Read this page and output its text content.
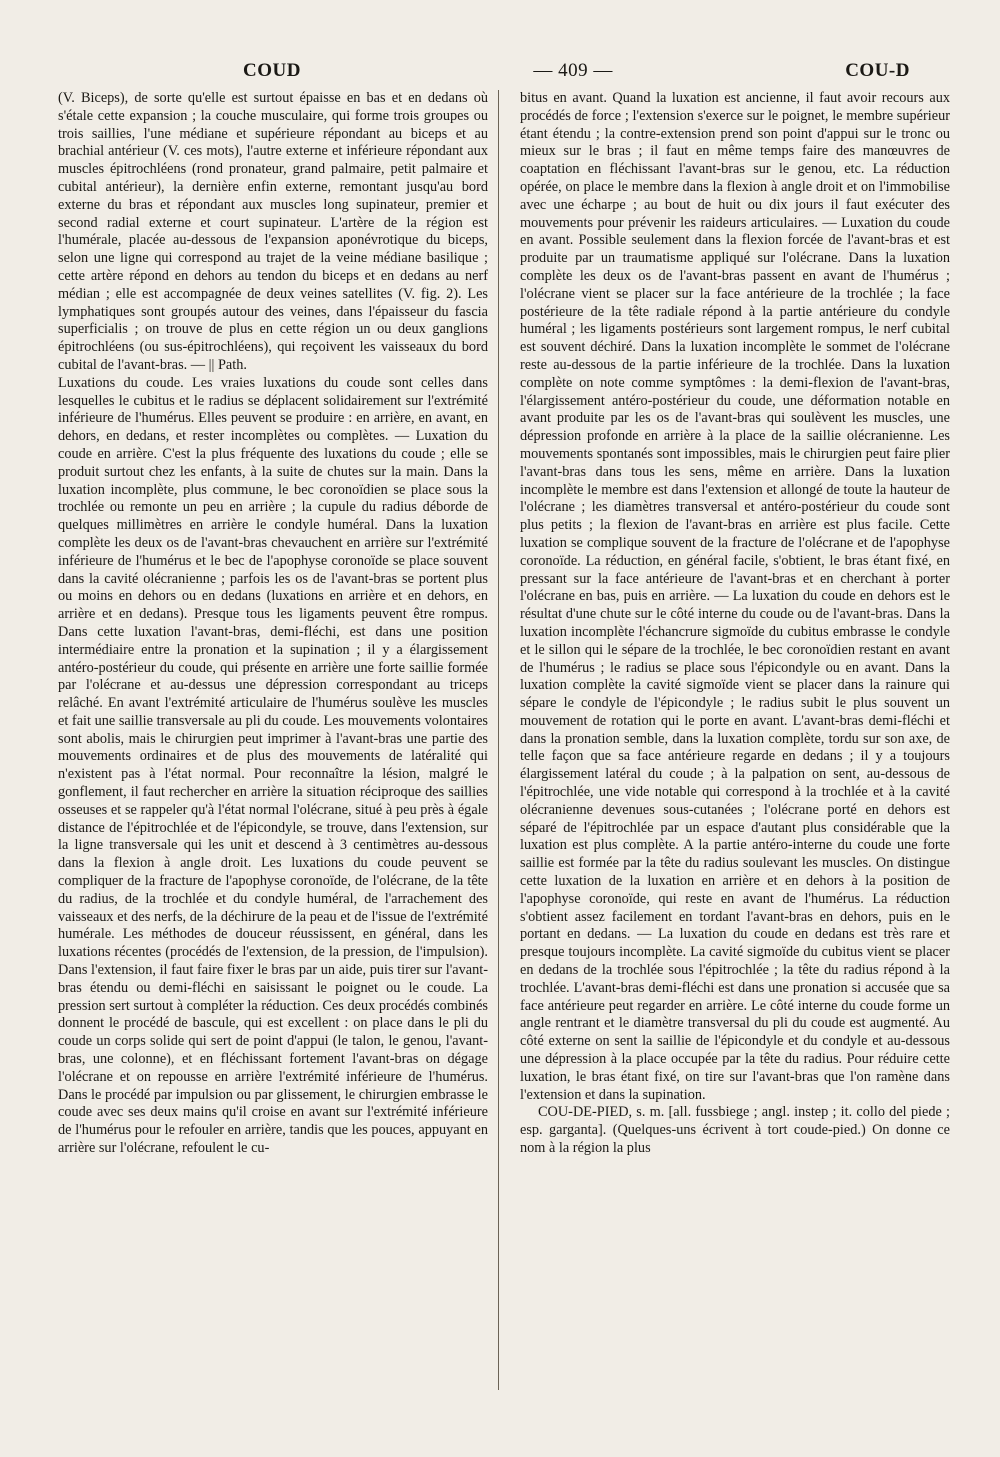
COUD	— 409 —	COU-D

(V. Biceps), de sorte qu'elle est surtout épaisse en bas et en dedans où s'étale cette expansion ; la couche musculaire, qui forme trois groupes ou trois saillies, l'une médiane et supérieure répondant au biceps et au brachial antérieur (V. ces mots), l'autre externe et inférieure répondant aux muscles épitrochléens (rond pronateur, grand palmaire, petit palmaire et cubital antérieur), la dernière enfin externe, remontant jusqu'au bord externe du bras et répondant aux muscles long supinateur, premier et second radial externe et court supinateur. L'artère de la région est l'humérale, placée au-dessous de l'expansion aponévrotique du biceps, selon une ligne qui correspond au trajet de la veine médiane basilique ; cette artère répond en dehors au tendon du biceps et en dedans au nerf médian ; elle est accompagnée de deux veines satellites (V. fig. 2). Les lymphatiques sont groupés autour des veines, dans l'épaisseur du fascia superficialis ; on trouve de plus en cette région un ou deux ganglions épitrochléens (ou sus-épitrochléens), qui reçoivent les vaisseaux du bord cubital de l'avant-bras. — || Path.

Luxations du coude. Les vraies luxations du coude sont celles dans lesquelles le cubitus et le radius se déplacent solidairement sur l'extrémité inférieure de l'humérus. Elles peuvent se produire : en arrière, en avant, en dehors, en dedans, et rester incomplètes ou complètes. — Luxation du coude en arrière. C'est la plus fréquente des luxations du coude ; elle se produit surtout chez les enfants, à la suite de chutes sur la main. Dans la luxation incomplète, plus commune, le bec coronoïdien se place sous la trochlée ou remonte un peu en arrière ; la cupule du radius déborde de quelques millimètres en arrière le condyle huméral. Dans la luxation complète les deux os de l'avant-bras chevauchent en arrière sur l'extrémité inférieure de l'humérus et le bec de l'apophyse coronoïde se place souvent dans la cavité olécranienne ; parfois les os de l'avant-bras se portent plus ou moins en dehors ou en dedans (luxations en arrière et en dehors, en arrière et en dedans). Presque tous les ligaments peuvent être rompus. Dans cette luxation l'avant-bras, demi-fléchi, est dans une position intermédiaire entre la pronation et la supination ; il y a élargissement antéro-postérieur du coude, qui présente en arrière une forte saillie formée par l'olécrane et au-dessus une dépression correspondant au triceps relâché. En avant l'extrémité articulaire de l'humérus soulève les muscles et fait une saillie transversale au pli du coude. Les mouvements volontaires sont abolis, mais le chirurgien peut imprimer à l'avant-bras une partie des mouvements ordinaires et de plus des mouvements de latéralité qui n'existent pas à l'état normal. Pour reconnaître la lésion, malgré le gonflement, il faut rechercher en arrière la situation réciproque des saillies osseuses et se rappeler qu'à l'état normal l'olécrane, situé à peu près à égale distance de l'épitrochlée et de l'épicondyle, se trouve, dans l'extension, sur la ligne transversale qui les unit et descend à 3 centimètres au-dessous dans la flexion à angle droit. Les luxations du coude peuvent se compliquer de la fracture de l'apophyse coronoïde, de l'olécrane, de la tête du radius, de la trochlée et du condyle huméral, de l'arrachement des vaisseaux et des nerfs, de la déchirure de la peau et de l'issue de l'extrémité humérale. Les méthodes de douceur réussissent, en général, dans les luxations récentes (procédés de l'extension, de la pression, de l'impulsion). Dans l'extension, il faut faire fixer le bras par un aide, puis tirer sur l'avant-bras étendu ou demi-fléchi en saisissant le poignet ou le coude. La pression sert surtout à compléter la réduction. Ces deux procédés combinés donnent le procédé de bascule, qui est excellent : on place dans le pli du coude un corps solide qui sert de point d'appui (le talon, le genou, l'avant-bras, une colonne), et en fléchissant fortement l'avant-bras on dégage l'olécrane et on repousse en arrière l'extrémité inférieure de l'humérus. Dans le procédé par impulsion ou par glissement, le chirurgien embrasse le coude avec ses deux mains qu'il croise en avant sur l'extrémité inférieure de l'humérus pour le refouler en arrière, tandis que les pouces, appuyant en arrière sur l'olécrane, refoulent le cu-

bitus en avant. Quand la luxation est ancienne, il faut avoir recours aux procédés de force ; l'extension s'exerce sur le poignet, le membre supérieur étant étendu ; la contre-extension prend son point d'appui sur le tronc ou mieux sur le bras ; il faut en même temps faire des manœuvres de coaptation en fléchissant l'avant-bras sur le genou, etc. La réduction opérée, on place le membre dans la flexion à angle droit et on l'immobilise avec une écharpe ; au bout de huit ou dix jours il faut exécuter des mouvements pour prévenir les raideurs articulaires. — Luxation du coude en avant. Possible seulement dans la flexion forcée de l'avant-bras et est produite par un traumatisme appliqué sur l'olécrane. Dans la luxation complète les deux os de l'avant-bras passent en avant de l'humérus ; l'olécrane vient se placer sur la face antérieure de la trochlée ; la face postérieure de la tête radiale répond à la partie antérieure du condyle huméral ; les ligaments postérieurs sont largement rompus, le nerf cubital est souvent déchiré. Dans la luxation incomplète le sommet de l'olécrane reste au-dessous de la partie inférieure de la trochlée. Dans la luxation complète on note comme symptômes : la demi-flexion de l'avant-bras, l'élargissement antéro-postérieur du coude, une déformation notable en avant produite par les os de l'avant-bras qui soulèvent les muscles, une dépression profonde en arrière à la place de la saillie olécranienne. Les mouvements spontanés sont impossibles, mais le chirurgien peut faire plier l'avant-bras dans tous les sens, même en arrière. Dans la luxation incomplète le membre est dans l'extension et allongé de toute la hauteur de l'olécrane ; les diamètres transversal et antéro-postérieur du coude sont plus petits ; la flexion de l'avant-bras en arrière est plus facile. Cette luxation se complique souvent de la fracture de l'olécrane et de l'apophyse coronoïde. La réduction, en général facile, s'obtient, le bras étant fixé, en pressant sur la face antérieure de l'avant-bras et en cherchant à porter l'olécrane en bas, puis en arrière. — La luxation du coude en dehors est le résultat d'une chute sur le côté interne du coude ou de l'avant-bras. Dans la luxation incomplète l'échancrure sigmoïde du cubitus embrasse le condyle et le sillon qui le sépare de la trochlée, le bec coronoïdien restant en avant de l'humérus ; le radius se place sous l'épicondyle ou en avant. Dans la luxation complète la cavité sigmoïde vient se placer dans la rainure qui sépare le condyle de l'épicondyle ; le radius subit le plus souvent un mouvement de rotation qui le porte en avant. L'avant-bras demi-fléchi et dans la pronation semble, dans la luxation complète, tordu sur son axe, de telle façon que sa face antérieure regarde en dedans ; il y a toujours élargissement latéral du coude ; à la palpation on sent, au-dessous de l'épitrochlée, une vide notable qui correspond à la trochlée et à la cavité olécranienne devenues sous-cutanées ; l'olécrane porté en dehors est séparé de l'épitrochlée par un espace d'autant plus considérable que la luxation est plus complète. A la partie antéro-interne du coude une forte saillie est formée par la tête du radius soulevant les muscles. On distingue cette luxation de la luxation en arrière et en dehors à la position de l'apophyse coronoïde, qui reste en avant de l'humérus. La réduction s'obtient assez facilement en tordant l'avant-bras en dehors, puis en le portant en dedans. — La luxation du coude en dedans est très rare et presque toujours incomplète. La cavité sigmoïde du cubitus vient se placer en dedans de la trochlée sous l'épitrochlée ; la tête du radius répond à la trochlée. L'avant-bras demi-fléchi est dans une pronation si accusée que sa face antérieure peut regarder en arrière. Le côté interne du coude forme un angle rentrant et le diamètre transversal du pli du coude est augmenté. Au côté externe on sent la saillie de l'épicondyle et du condyle et au-dessous une dépression à la place occupée par la tête du radius. Pour réduire cette luxation, le bras étant fixé, on tire sur l'avant-bras que l'on ramène dans l'extension et dans la supination.

COU-DE-PIED, s. m. [all. fussbiege ; angl. instep ; it. collo del piede ; esp. garganta]. (Quelques-uns écrivent à tort coude-pied.) On donne ce nom à la région la plus
